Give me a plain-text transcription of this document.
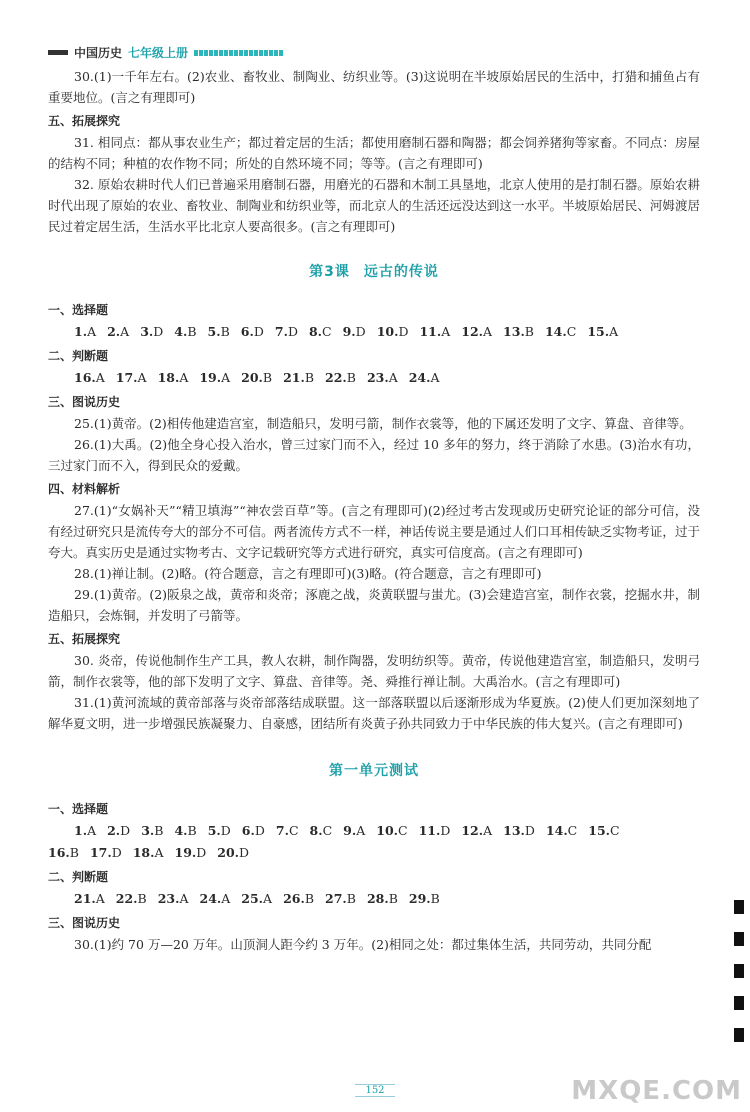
中国历史 七年级上册

30.(1)一千年左右。(2)农业、畜牧业、制陶业、纺织业等。(3)这说明在半坡原始居民的生活中，打猎和捕鱼占有重要地位。(言之有理即可)

五、拓展探究

31. 相同点：都从事农业生产；都过着定居的生活；都使用磨制石器和陶器；都会饲养猪狗等家畜。不同点：房屋的结构不同；种植的农作物不同；所处的自然环境不同；等等。(言之有理即可)

32. 原始农耕时代人们已普遍采用磨制石器，用磨光的石器和木制工具垦地，北京人使用的是打制石器。原始农耕时代出现了原始的农业、畜牧业、制陶业和纺织业等，而北京人的生活还远没达到这一水平。半坡原始居民、河姆渡居民过着定居生活，生活水平比北京人要高很多。(言之有理即可)

第3课 远古的传说
一、选择题
1.A 2.A 3.D 4.B 5.B 6.D 7.D 8.C 9.D 10.D 11.A 12.A 13.B 14.C 15.A
二、判断题
16.A 17.A 18.A 19.A 20.B 21.B 22.B 23.A 24.A
三、图说历史

25.(1)黄帝。(2)相传他建造宫室，制造船只，发明弓箭，制作衣裳等，他的下属还发明了文字、算盘、音律等。

26.(1)大禹。(2)他全身心投入治水，曾三过家门而不入，经过 10 多年的努力，终于消除了水患。(3)治水有功，三过家门而不入，得到民众的爱戴。

四、材料解析

27.(1)“女娲补天”“精卫填海”“神农尝百草”等。(言之有理即可)(2)经过考古发现或历史研究论证的部分可信，没有经过研究只是流传夸大的部分不可信。两者流传方式不一样，神话传说主要是通过人们口耳相传缺乏实物考证，过于夸大。真实历史是通过实物考古、文字记载研究等方式进行研究，真实可信度高。(言之有理即可)

28.(1)禅让制。(2)略。(符合题意，言之有理即可)(3)略。(符合题意，言之有理即可)

29.(1)黄帝。(2)阪泉之战，黄帝和炎帝；涿鹿之战，炎黄联盟与蚩尤。(3)会建造宫室，制作衣裳，挖掘水井，制造船只，会炼铜，并发明了弓箭等。

五、拓展探究

30. 炎帝，传说他制作生产工具，教人农耕，制作陶器，发明纺织等。黄帝，传说他建造宫室，制造船只，发明弓箭，制作衣裳等，他的部下发明了文字、算盘、音律等。尧、舜推行禅让制。大禹治水。(言之有理即可)

31.(1)黄河流域的黄帝部落与炎帝部落结成联盟。这一部落联盟以后逐渐形成为华夏族。(2)使人们更加深刻地了解华夏文明，进一步增强民族凝聚力、自豪感，团结所有炎黄子孙共同致力于中华民族的伟大复兴。(言之有理即可)

第一单元测试
一、选择题
1.A 2.D 3.B 4.B 5.D 6.D 7.C 8.C 9.A 10.C 11.D 12.A 13.D 14.C 15.C
16.B 17.D 18.A 19.D 20.D
二、判断题
21.A 22.B 23.A 24.A 25.A 26.B 27.B 28.B 29.B
三、图说历史

30.(1)约 70 万—20 万年。山顶洞人距今约 3 万年。(2)相同之处：都过集体生活，共同劳动，共同分配

152	MXQE.COM
